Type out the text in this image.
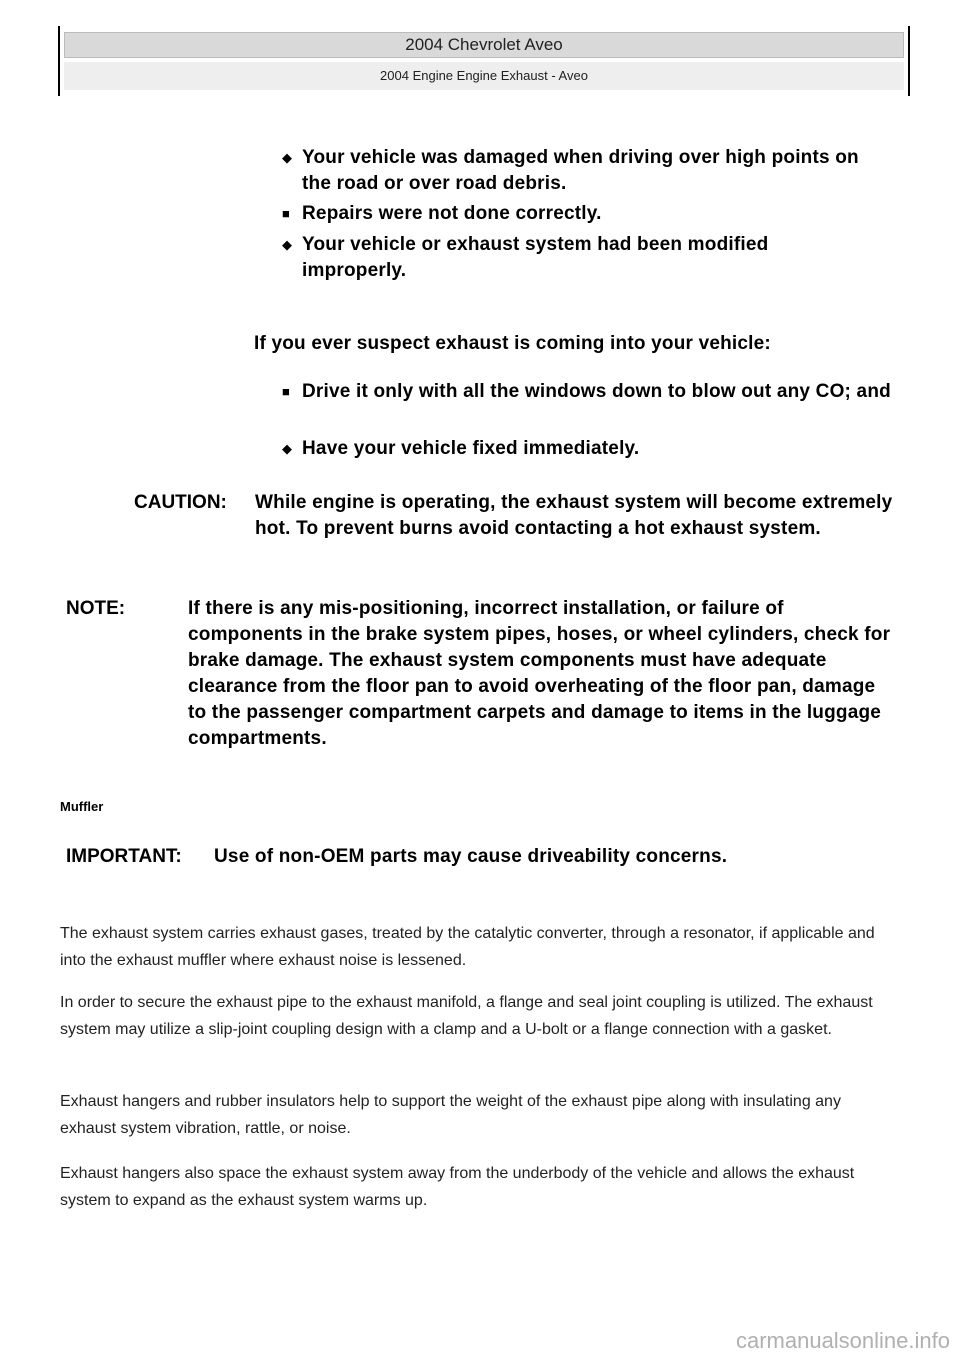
2004 Chevrolet Aveo
2004 Engine Engine Exhaust - Aveo
◆ Your vehicle was damaged when driving over high points on the road or over road debris.
■ Repairs were not done correctly.
◆ Your vehicle or exhaust system had been modified improperly.
If you ever suspect exhaust is coming into your vehicle:
■ Drive it only with all the windows down to blow out any CO; and
◆ Have your vehicle fixed immediately.
CAUTION: While engine is operating, the exhaust system will become extremely hot. To prevent burns avoid contacting a hot exhaust system.
NOTE:	If there is any mis-positioning, incorrect installation, or failure of components in the brake system pipes, hoses, or wheel cylinders, check for brake damage. The exhaust system components must have adequate clearance from the floor pan to avoid overheating of the floor pan, damage to the passenger compartment carpets and damage to items in the luggage compartments.
Muffler
IMPORTANT: Use of non-OEM parts may cause driveability concerns.
The exhaust system carries exhaust gases, treated by the catalytic converter, through a resonator, if applicable and into the exhaust muffler where exhaust noise is lessened.
In order to secure the exhaust pipe to the exhaust manifold, a flange and seal joint coupling is utilized. The exhaust system may utilize a slip-joint coupling design with a clamp and a U-bolt or a flange connection with a gasket.
Exhaust hangers and rubber insulators help to support the weight of the exhaust pipe along with insulating any exhaust system vibration, rattle, or noise.
Exhaust hangers also space the exhaust system away from the underbody of the vehicle and allows the exhaust system to expand as the exhaust system warms up.
carmanualsonline.info
